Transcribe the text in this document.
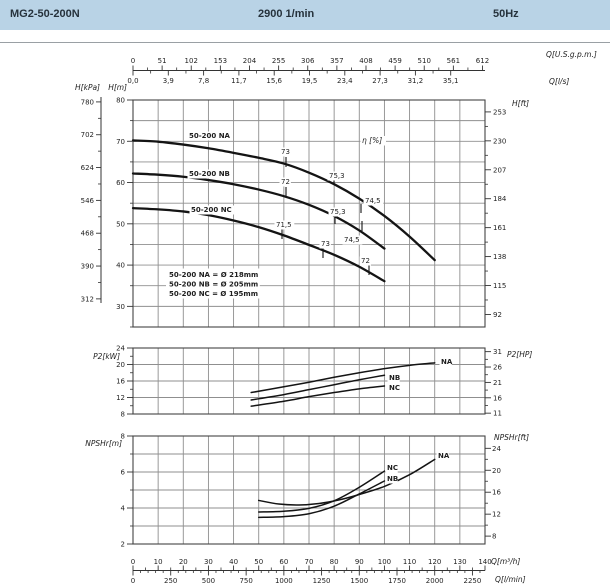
MG2-50-200N	2900 1/min	50Hz
50-200 NA
50-200 NB
50-200 NC
73
75,3
74,5
72
75,3
74,5
71,5
73
72
η [%]
50-200 NA = Ø 218mm
50-200 NB = Ø 205mm
50-200 NC = Ø 195mm
NA
NB
NC
NA
NC
NB
0	51	102 153 204 255 306 357 408 459 510 561 612
0,0	3,9	7,8	11,7	15,6	19,5	23,4	27,3	31,2	35,1
Q[U.S.g.p.m.]
Q[l/s]
780
702
624
546
468
390
312
H[kPa]
80
70
60
50
40
30
H[m]
253
230
207
184
161
138
115
92
H[ft]
24
20
16
12
8
P2[kW]	31
26
21
16
11
P2[HP]
8
6
4
2
NPSHr[m]
24
20
16
12
8
NPSHr[ft]
0	10 20 30 40 50 60 70 80 90 100 110 120 130 140
0	250	500	750	1000	1250	1500	1750	2000	2250
Q[m³/h]
Q[l/min]
